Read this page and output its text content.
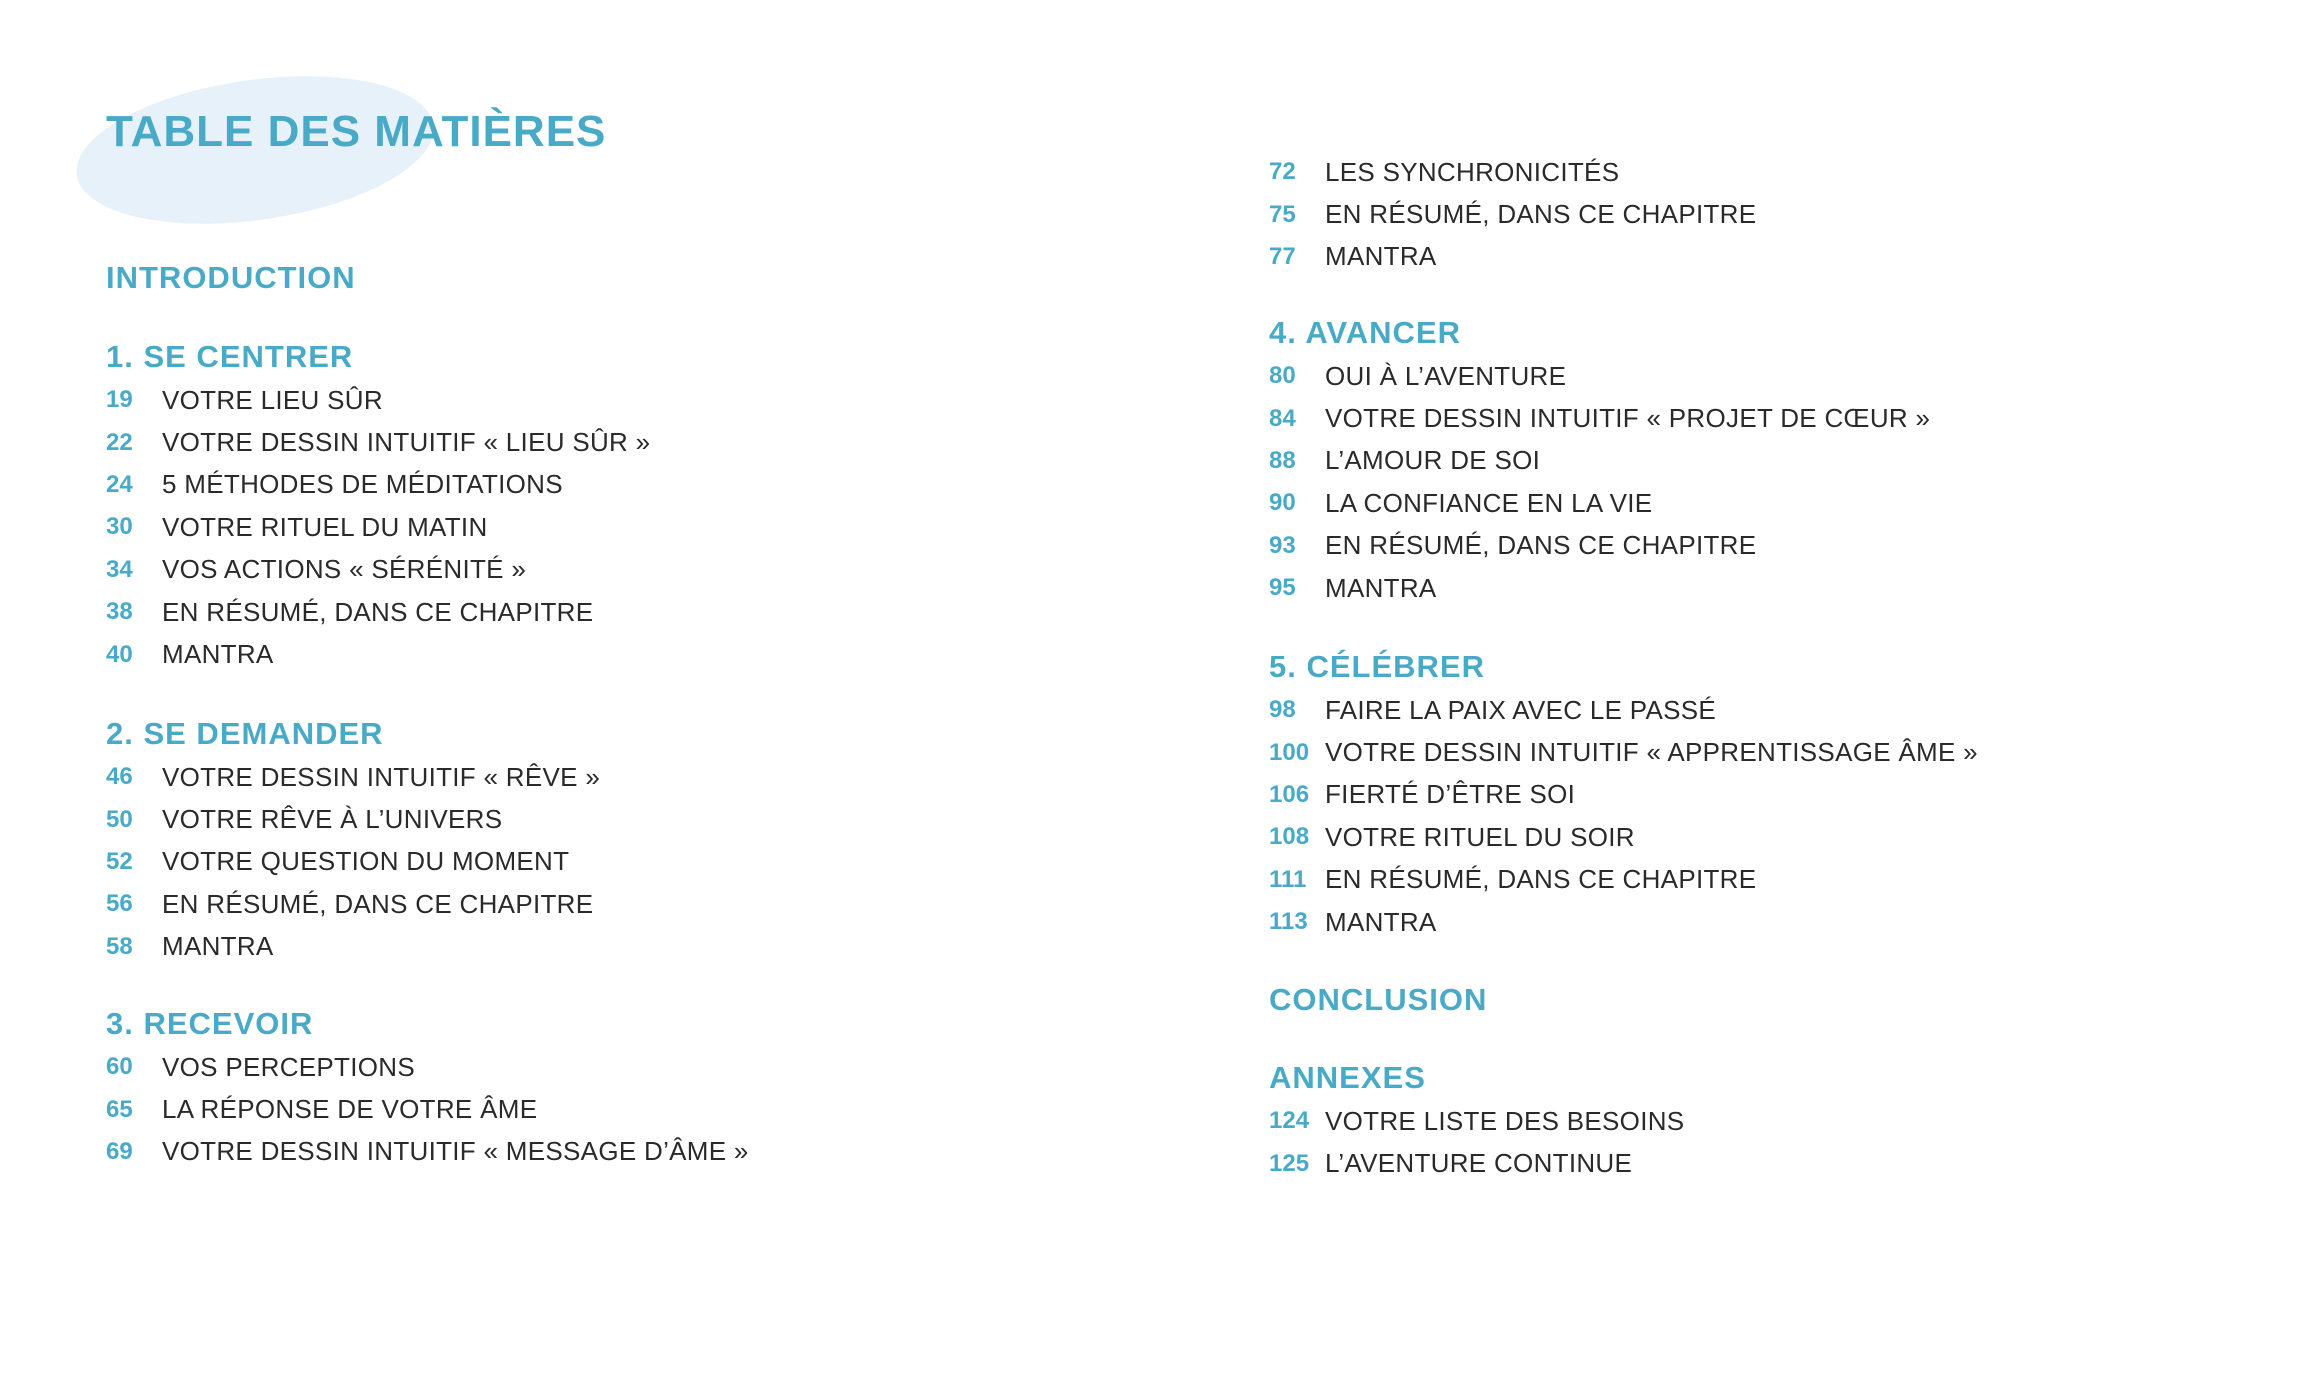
TABLE DES MATIÈRES
INTRODUCTION
1. SE CENTRER
19	VOTRE LIEU SÛR
22	VOTRE DESSIN INTUITIF « LIEU SÛR »
24	5 MÉTHODES DE MÉDITATIONS
30	VOTRE RITUEL DU MATIN
34	VOS ACTIONS « SÉRÉNITÉ »
38	EN RÉSUMÉ, DANS CE CHAPITRE
40	MANTRA
2. SE DEMANDER
46	VOTRE DESSIN INTUITIF « RÊVE »
50	VOTRE RÊVE À L’UNIVERS
52	VOTRE QUESTION DU MOMENT
56	EN RÉSUMÉ, DANS CE CHAPITRE
58	MANTRA
3. RECEVOIR
60	VOS PERCEPTIONS
65	LA RÉPONSE DE VOTRE ÂME
69	VOTRE DESSIN INTUITIF « MESSAGE D’ÂME »
72	LES SYNCHRONICITÉS
75	EN RÉSUMÉ, DANS CE CHAPITRE
77	MANTRA
4. AVANCER
80	OUI À L’AVENTURE
84	VOTRE DESSIN INTUITIF « PROJET DE CŒUR »
88	L’AMOUR DE SOI
90	LA CONFIANCE EN LA VIE
93	EN RÉSUMÉ, DANS CE CHAPITRE
95	MANTRA
5. CÉLÉBRER
98	FAIRE LA PAIX AVEC LE PASSÉ
100 VOTRE DESSIN INTUITIF « APPRENTISSAGE ÂME »
106 FIERTÉ D’ÊTRE SOI
108 VOTRE RITUEL DU SOIR
111 EN RÉSUMÉ, DANS CE CHAPITRE
113 MANTRA
CONCLUSION
ANNEXES
124 VOTRE LISTE DES BESOINS
125 L’AVENTURE CONTINUE
